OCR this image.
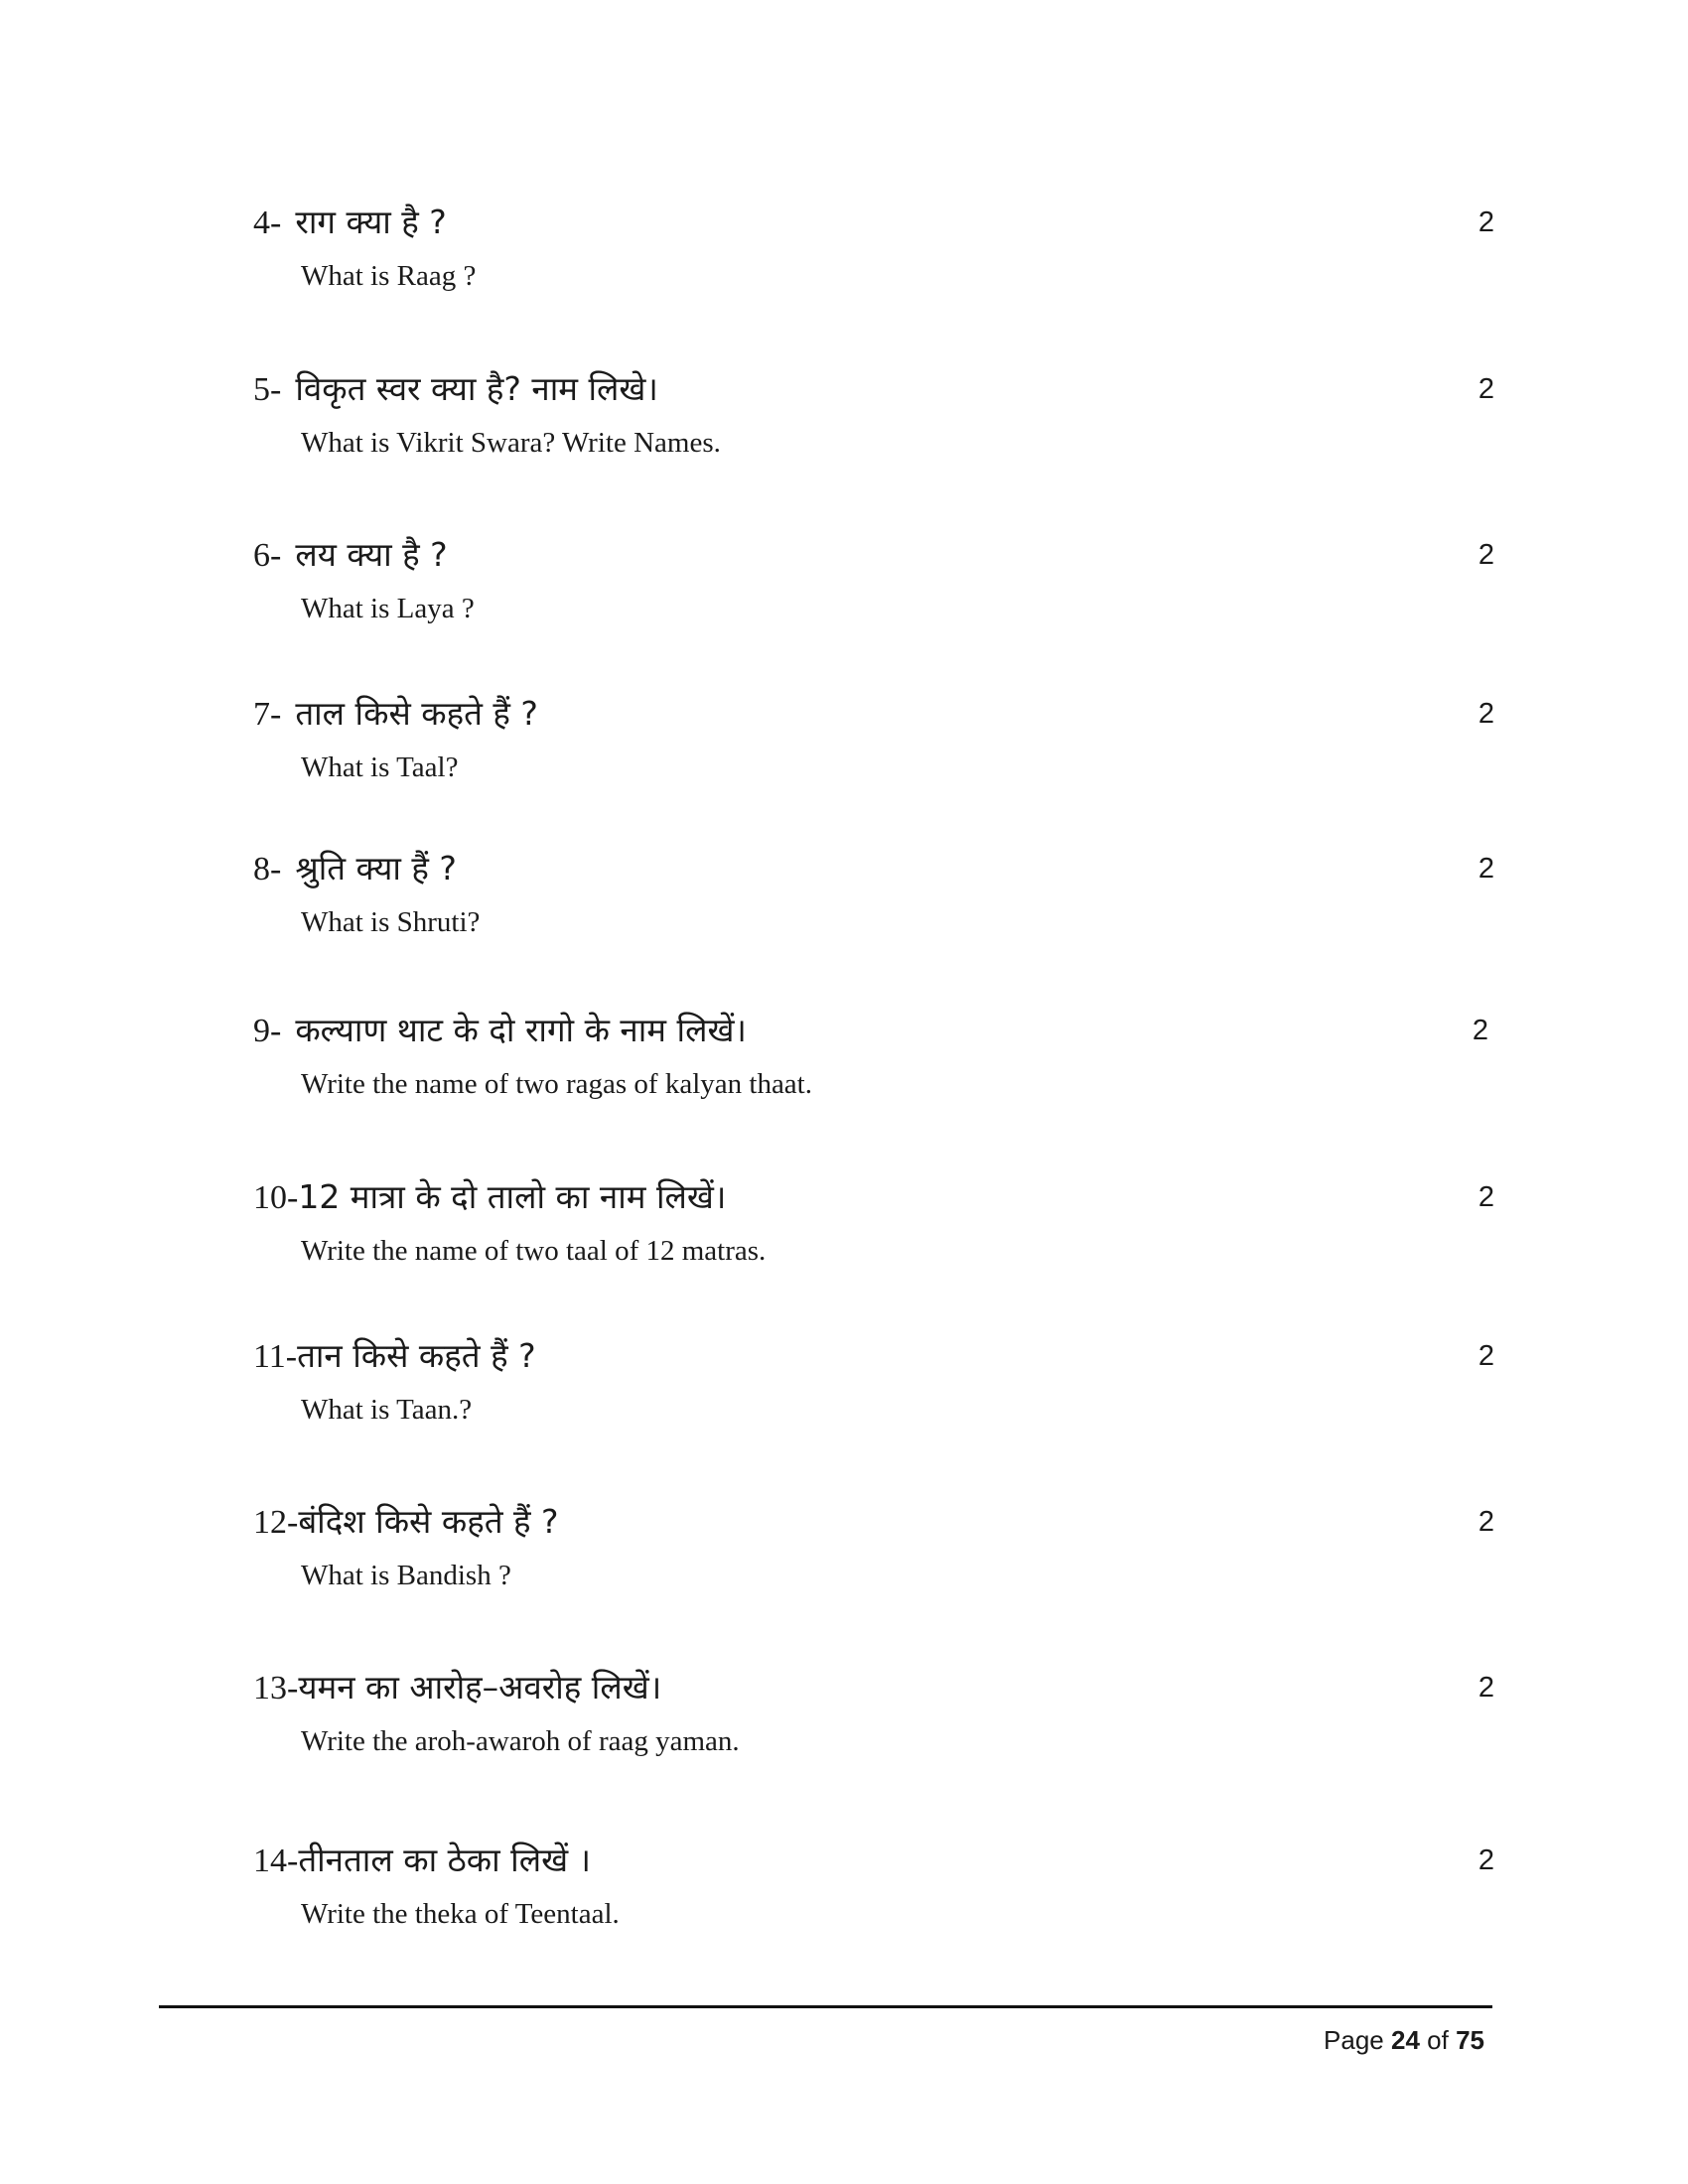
4- राग क्या है ?	2
What is Raag ?
5- विकृत स्वर क्या है? नाम लिखे।	2
What is Vikrit Swara? Write Names.
6- लय क्या है ?	2
What is Laya ?
7- ताल किसे कहते हैं ?	2
What is Taal?
8- श्रुति क्या हैं ?	2
What is Shruti?
9- कल्याण थाट के दो रागो के नाम लिखें।	2
Write the name of two ragas of kalyan thaat.
10-12 मात्रा के दो तालो का नाम लिखें।	2
Write the name of two taal of 12 matras.
11-तान किसे कहते हैं ?	2
What is Taan.?
12-बंदिश किसे कहते हैं ?	2
What is Bandish ?
13-यमन का आरोह–अवरोह लिखें।	2
Write the aroh-awaroh of raag yaman.
14-तीनताल का ठेका लिखें ।	2
Write the theka of Teentaal.
Page 24 of 75
